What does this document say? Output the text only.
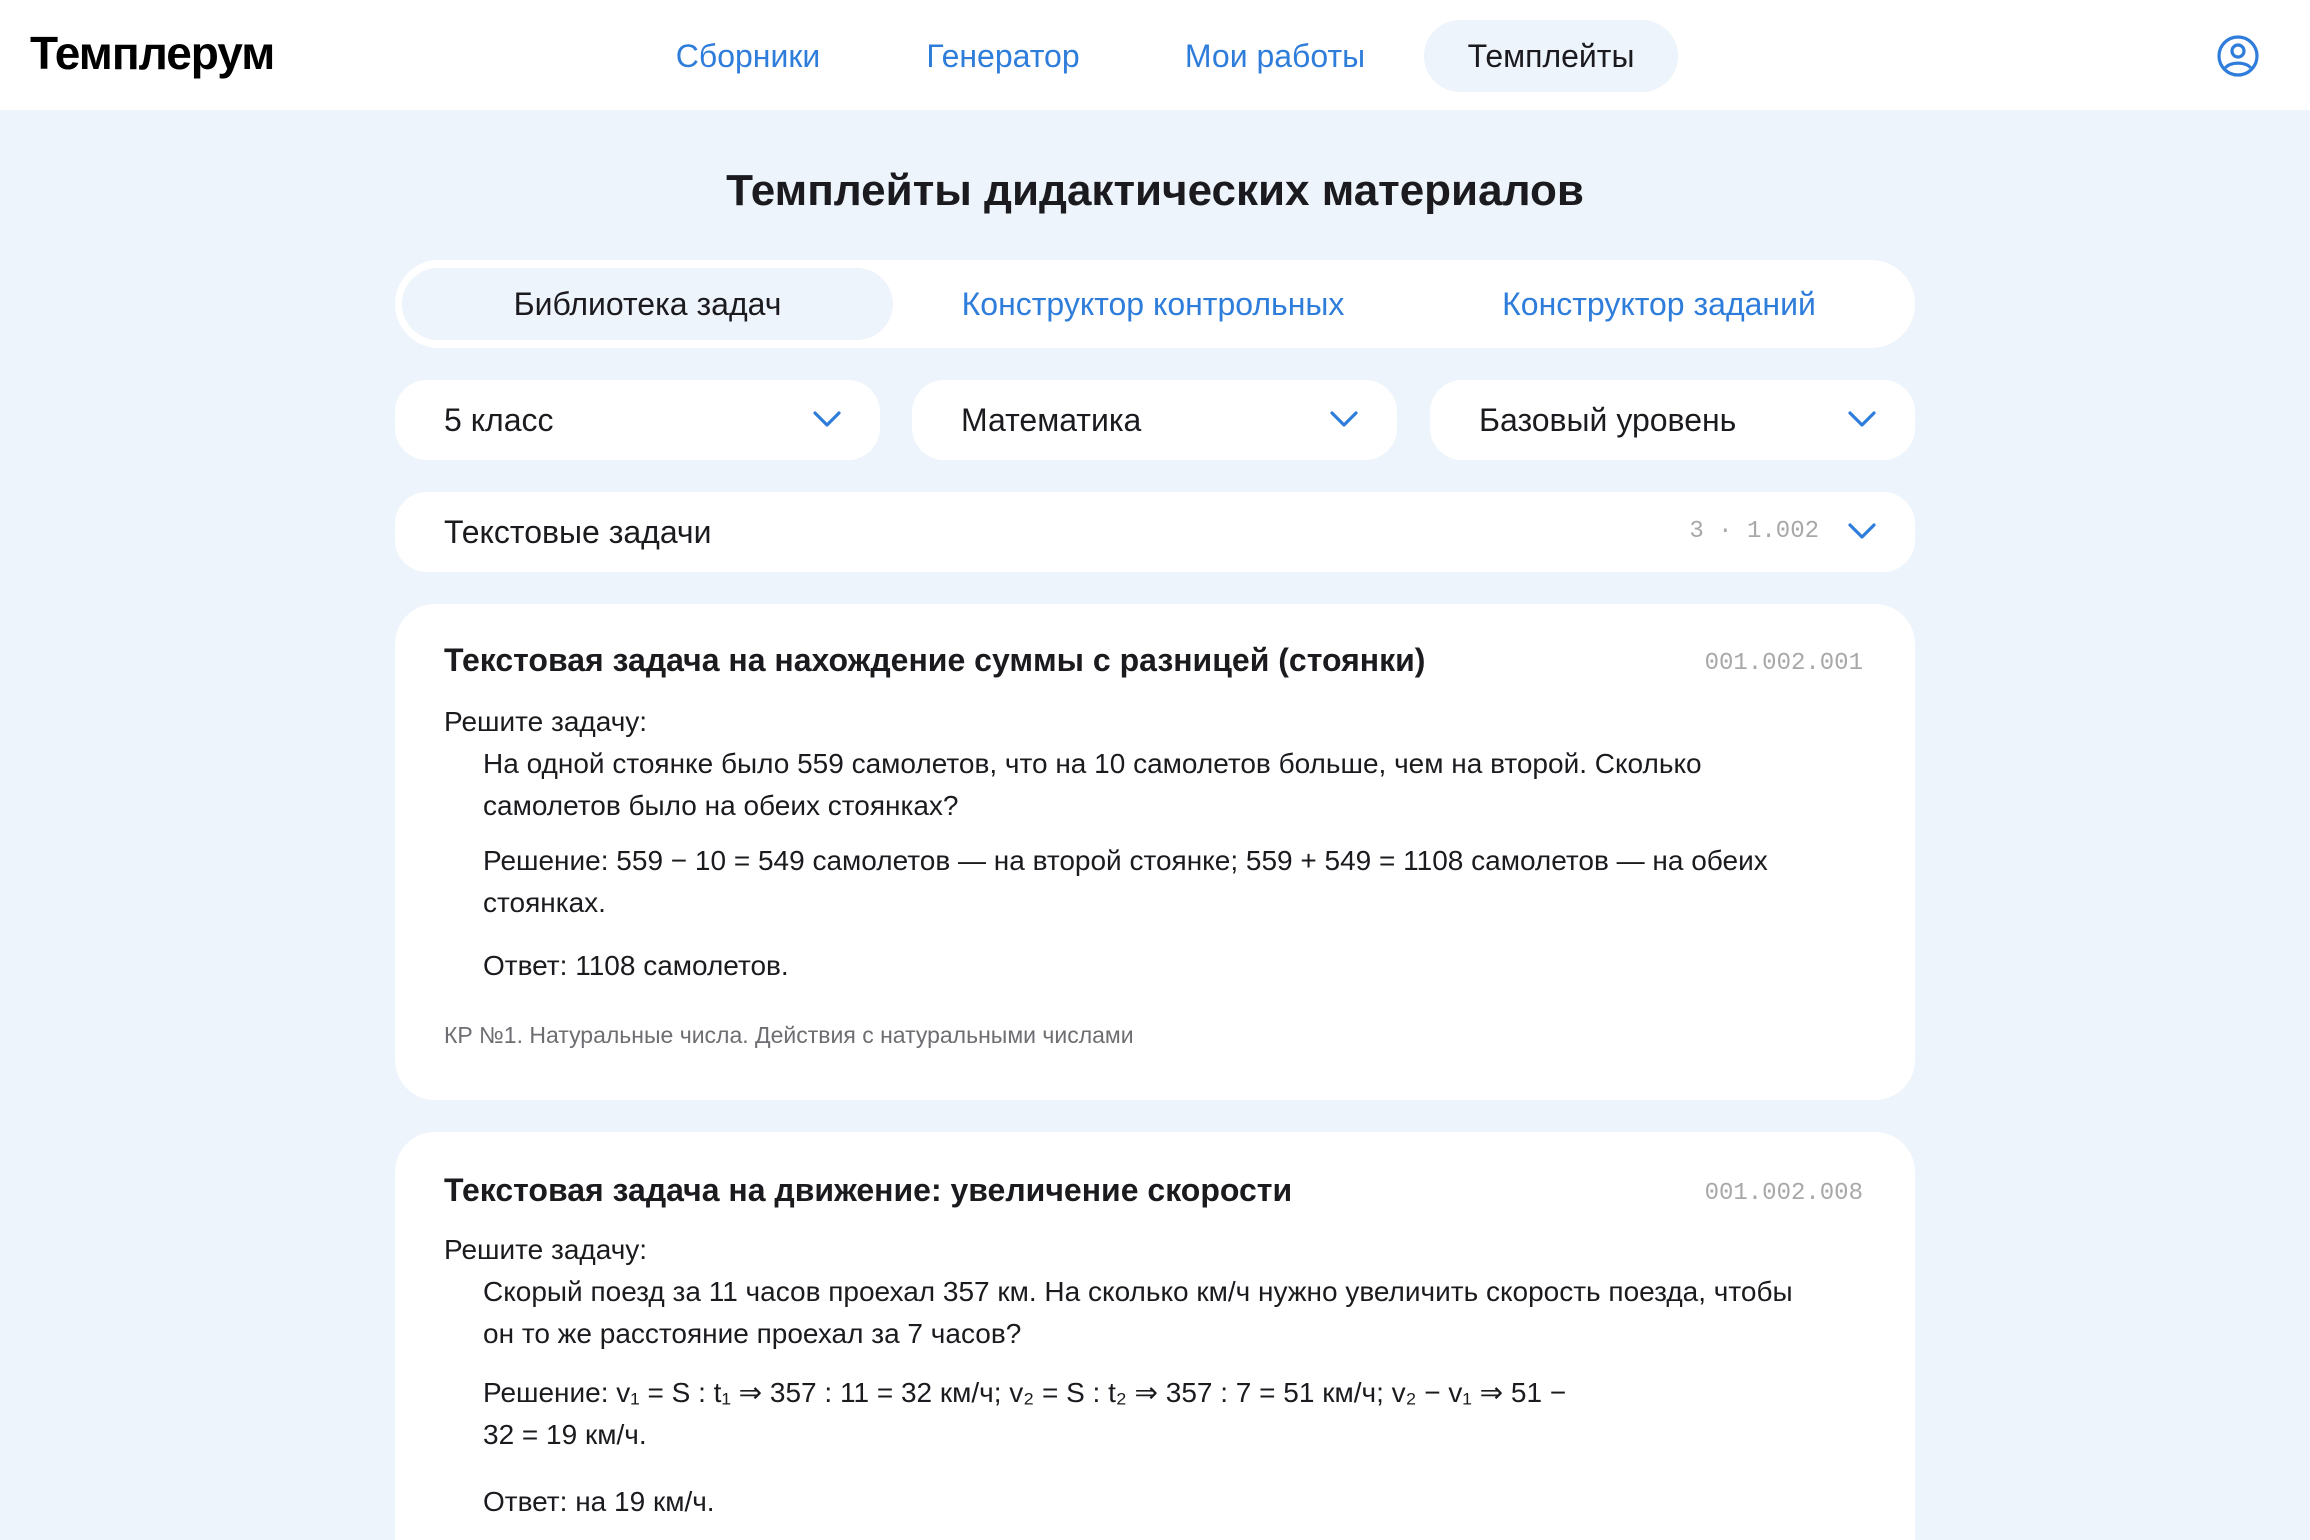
Темплерум	Сборники	Генератор	Мои работы	Темплейты
Темплейты дидактических материалов
Библиотека задач	Конструктор контрольных	Конструктор заданий
5 класс	Математика	Базовый уровень
Текстовые задачи	3 · 1.002
Текстовая задача на нахождение суммы с разницей (стоянки)	001.002.001
Решите задачу:
На одной стоянке было 559 самолетов, что на 10 самолетов больше, чем на второй. Сколько
самолетов было на обеих стоянках?
Решение: 559 − 10 = 549 самолетов — на второй стоянке; 559 + 549 = 1108 самолетов — на обеих
стоянках.
Ответ: 1108 самолетов.
КР №1. Натуральные числа. Действия с натуральными числами
Текстовая задача на движение: увеличение скорости	001.002.008
Решите задачу:
Скорый поезд за 11 часов проехал 357 км. На сколько км/ч нужно увеличить скорость поезда, чтобы
он то же расстояние проехал за 7 часов?
Решение: v₁ = S : t₁ ⇒ 357 : 11 = 32 км/ч; v₂ = S : t₂ ⇒ 357 : 7 = 51 км/ч; v₂ − v₁ ⇒ 51 −
32 = 19 км/ч.
Ответ: на 19 км/ч.
